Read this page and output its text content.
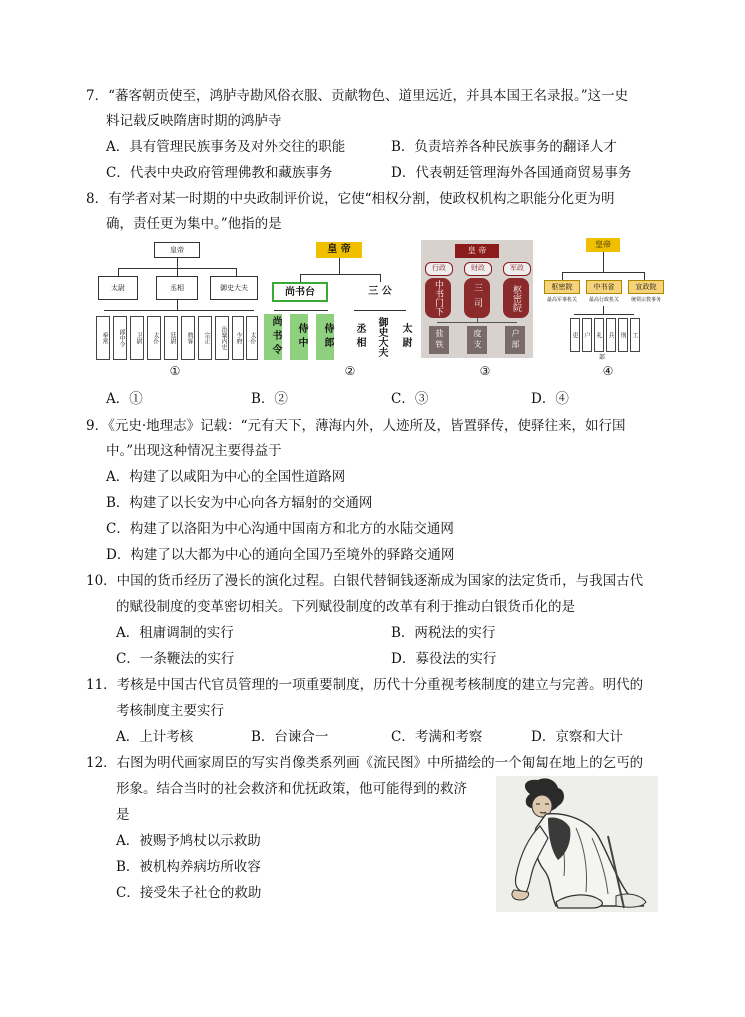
7．“蕃客朝贡使至，鸿胪寺勘风俗衣服、贡献物色、道里远近，并具本国王名录报。”这一史
料记载反映隋唐时期的鸿胪寺
A．具有管理民族事务及对外交往的职能	B．负责培养各种民族事务的翻译人才
C．代表中央政府管理佛教和藏族事务	D．代表朝廷管理海外各国通商贸易事务
8．有学者对某一时期的中央政制评价说，它使“相权分割，使政权机构之职能分化更为明
确，责任更为集中。”他指的是
皇帝
太尉	丞相	御史大夫
奉常	郎中令	卫尉	太仆	廷尉	典客	宗正	治粟内史	少府	太仆
①
皇 帝
尚书台	三 公
尚书令	侍中	侍郎	丞相	御史大夫	太尉
②
皇 帝
行政	财政	军政
中书门下	三司	枢密院
盐铁	度支	户部
③
皇帝
枢密院	中书省	宣政院
最高军事机关	最高行政机关	统领宗教事务
吏 户 礼 兵 刑 工
部
④
A．①	B．②	C．③	D．④
9．《元史·地理志》记载：“元有天下，薄海内外，人迹所及，皆置驿传，使驿往来，如行国
中。”出现这种情况主要得益于
A．构建了以咸阳为中心的全国性道路网
B．构建了以长安为中心向各方辐射的交通网
C．构建了以洛阳为中心沟通中国南方和北方的水陆交通网
D．构建了以大都为中心的通向全国乃至境外的驿路交通网
10．中国的货币经历了漫长的演化过程。白银代替铜钱逐渐成为国家的法定货币，与我国古代
的赋役制度的变革密切相关。下列赋役制度的改革有利于推动白银货币化的是
A．租庸调制的实行	B．两税法的实行
C．一条鞭法的实行	D．募役法的实行
11．考核是中国古代官员管理的一项重要制度，历代十分重视考核制度的建立与完善。明代的
考核制度主要实行
A．上计考核	B．台谏合一	C．考满和考察	D．京察和大计
12．右图为明代画家周臣的写实肖像类系列画《流民图》中所描绘的一个匍匐在地上的乞丐的
形象。结合当时的社会救济和优抚政策，他可能得到的救济
是
A．被赐予鸠杖以示救助
B．被机构养病坊所收容
C．接受朱子社仓的救助
